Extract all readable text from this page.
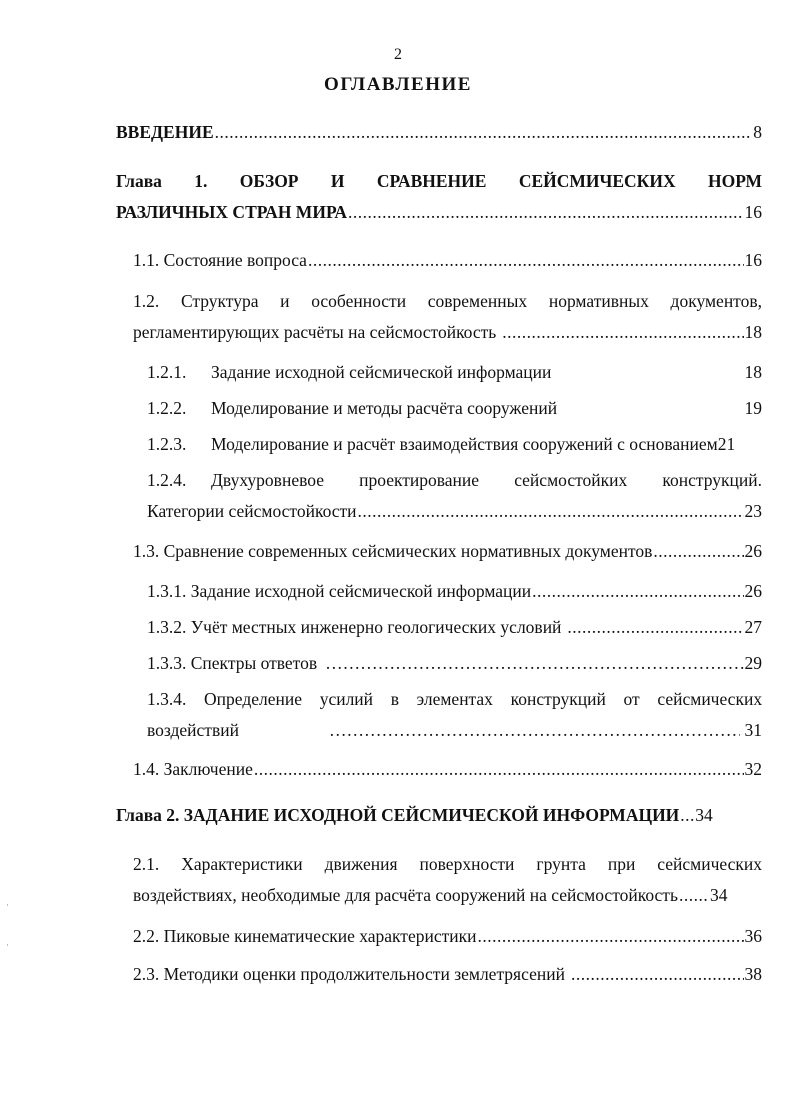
2
ОГЛАВЛЕНИЕ
ВВЕДЕНИЕ .....	8
Глава 1. ОБЗОР И СРАВНЕНИЕ СЕЙСМИЧЕСКИХ НОРМ
РАЗЛИЧНЫХ СТРАН МИРА .....	16
1.1. Состояние вопроса .....	16
1.2. Структура и особенности современных нормативных документов,
регламентирующих расчёты на сейсмостойкость .....	18
1.2.1.	Задание исходной сейсмической информации	18
1.2.2.	Моделирование и методы расчёта сооружений	19
1.2.3.	Моделирование и расчёт взаимодействия сооружений с основанием 21
1.2.4.	Двухуровневое проектирование сейсмостойких конструкций.
Категории сейсмостойкости .....	23
1.3. Сравнение современных сейсмических нормативных документов .....	26
1.3.1. Задание исходной сейсмической информации .....	26
1.3.2. Учёт местных инженерно геологических условий .....	27
1.3.3. Спектры ответов …………………………………………………………………………………………………………………………………………………………	29
1.3.4. Определение усилий в элементах конструкций от сейсмических
воздействий …………………………………………………………………………………………………………………………………………………………	31
1.4. Заключение .....	32
Глава 2. ЗАДАНИЕ ИСХОДНОЙ СЕЙСМИЧЕСКОЙ ИНФОРМАЦИИ ..... 34
2.1. Характеристики движения поверхности грунта при сейсмических
воздействиях, необходимые для расчёта сооружений на сейсмостойкость ..... 34
2.2. Пиковые кинематические характеристики .....	36
2.3. Методики оценки продолжительности землетрясений .....	38
·
·
